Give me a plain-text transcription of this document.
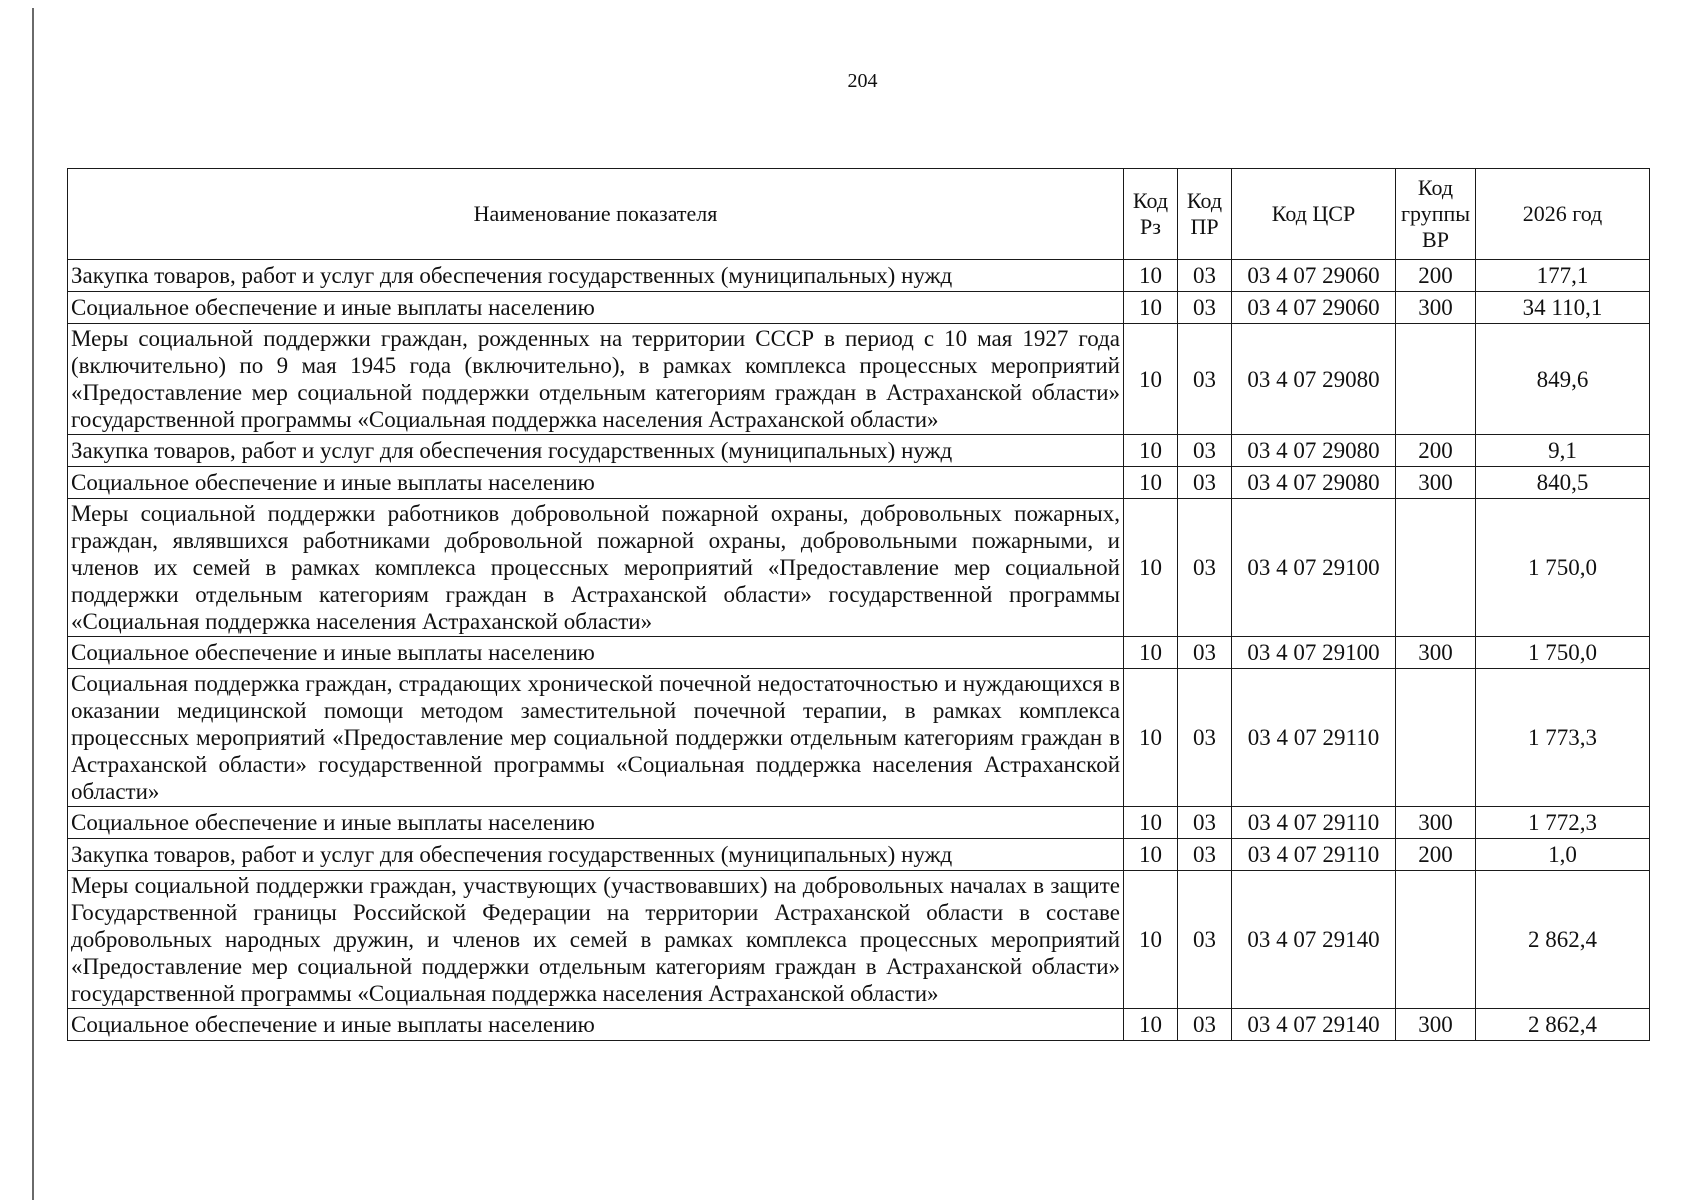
204
Наименование показателя	Код Рз	Код ПР	Код ЦСР	Код группы ВР	2026 год
Закупка товаров, работ и услуг для обеспечения государственных (муниципальных) нужд	10	03	03 4 07 29060	200	177,1
Социальное обеспечение и иные выплаты населению	10	03	03 4 07 29060	300	34 110,1
Меры социальной поддержки граждан, рожденных на территории СССР в период с 10 мая 1927 года (включительно) по 9 мая 1945 года (включительно), в рамках комплекса процессных мероприятий «Предоставление мер социальной поддержки отдельным категориям граждан в Астраханской области» государственной программы «Социальная поддержка населения Астраханской области»	10	03	03 4 07 29080		849,6
Закупка товаров, работ и услуг для обеспечения государственных (муниципальных) нужд	10	03	03 4 07 29080	200	9,1
Социальное обеспечение и иные выплаты населению	10	03	03 4 07 29080	300	840,5
Меры социальной поддержки работников добровольной пожарной охраны, добровольных пожарных, граждан, являвшихся работниками добровольной пожарной охраны, добровольными пожарными, и членов их семей в рамках комплекса процессных мероприятий «Предоставление мер социальной поддержки отдельным категориям граждан в Астраханской области» государственной программы «Социальная поддержка населения Астраханской области»	10	03	03 4 07 29100		1 750,0
Социальное обеспечение и иные выплаты населению	10	03	03 4 07 29100	300	1 750,0
Социальная поддержка граждан, страдающих хронической почечной недостаточностью и нуждающихся в оказании медицинской помощи методом заместительной почечной терапии, в рамках комплекса процессных мероприятий «Предоставление мер социальной поддержки отдельным категориям граждан в Астраханской области» государственной программы «Социальная поддержка населения Астраханской области»	10	03	03 4 07 29110		1 773,3
Социальное обеспечение и иные выплаты населению	10	03	03 4 07 29110	300	1 772,3
Закупка товаров, работ и услуг для обеспечения государственных (муниципальных) нужд	10	03	03 4 07 29110	200	1,0
Меры социальной поддержки граждан, участвующих (участвовавших) на добровольных началах в защите Государственной границы Российской Федерации на территории Астраханской области в составе добровольных народных дружин, и членов их семей в рамках комплекса процессных мероприятий «Предоставление мер социальной поддержки отдельным категориям граждан в Астраханской области» государственной программы «Социальная поддержка населения Астраханской области»	10	03	03 4 07 29140		2 862,4
Социальное обеспечение и иные выплаты населению	10	03	03 4 07 29140	300	2 862,4
